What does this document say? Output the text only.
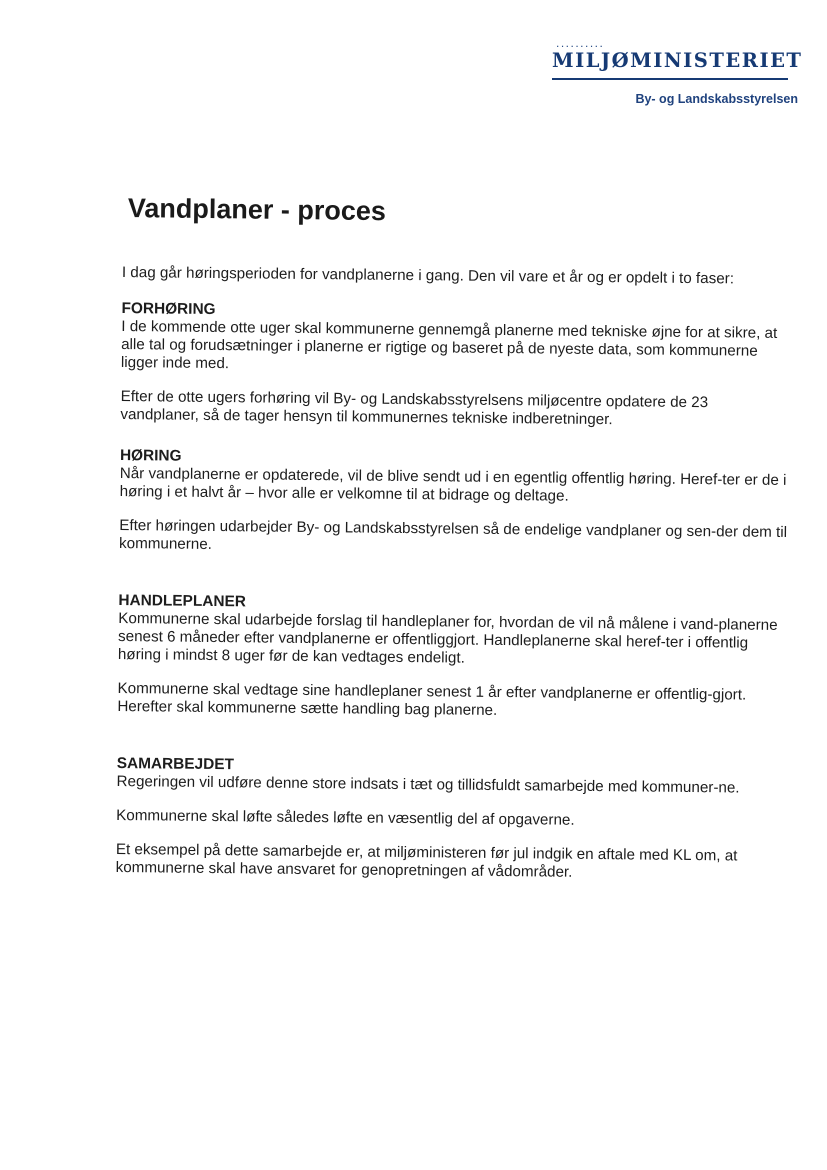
..........
MILJØMINISTERIET
By- og Landskabsstyrelsen
Vandplaner - proces

I dag går høringsperioden for vandplanerne i gang. Den vil vare et år og er opdelt i to faser:

FORHØRING

I de kommende otte uger skal kommunerne gennemgå planerne med tekniske øjne for at sikre, at alle tal og forudsætninger i planerne er rigtige og baseret på de nyeste data, som kommunerne ligger inde med.

Efter de otte ugers forhøring vil By- og Landskabsstyrelsens miljøcentre opdatere de 23 vandplaner, så de tager hensyn til kommunernes tekniske indberetninger.

HØRING

Når vandplanerne er opdaterede, vil de blive sendt ud i en egentlig offentlig høring. Heref-ter er de i høring i et halvt år – hvor alle er velkomne til at bidrage og deltage.

Efter høringen udarbejder By- og Landskabsstyrelsen så de endelige vandplaner og sen-der dem til kommunerne.

HANDLEPLANER

Kommunerne skal udarbejde forslag til handleplaner for, hvordan de vil nå målene i vand-planerne senest 6 måneder efter vandplanerne er offentliggjort. Handleplanerne skal heref-ter i offentlig høring i mindst 8 uger før de kan vedtages endeligt.

Kommunerne skal vedtage sine handleplaner senest 1 år efter vandplanerne er offentlig-gjort. Herefter skal kommunerne sætte handling bag planerne.

SAMARBEJDET

Regeringen vil udføre denne store indsats i tæt og tillidsfuldt samarbejde med kommuner-ne.

Kommunerne skal løfte således løfte en væsentlig del af opgaverne.

Et eksempel på dette samarbejde er, at miljøministeren før jul indgik en aftale med KL om, at kommunerne skal have ansvaret for genopretningen af vådområder.
